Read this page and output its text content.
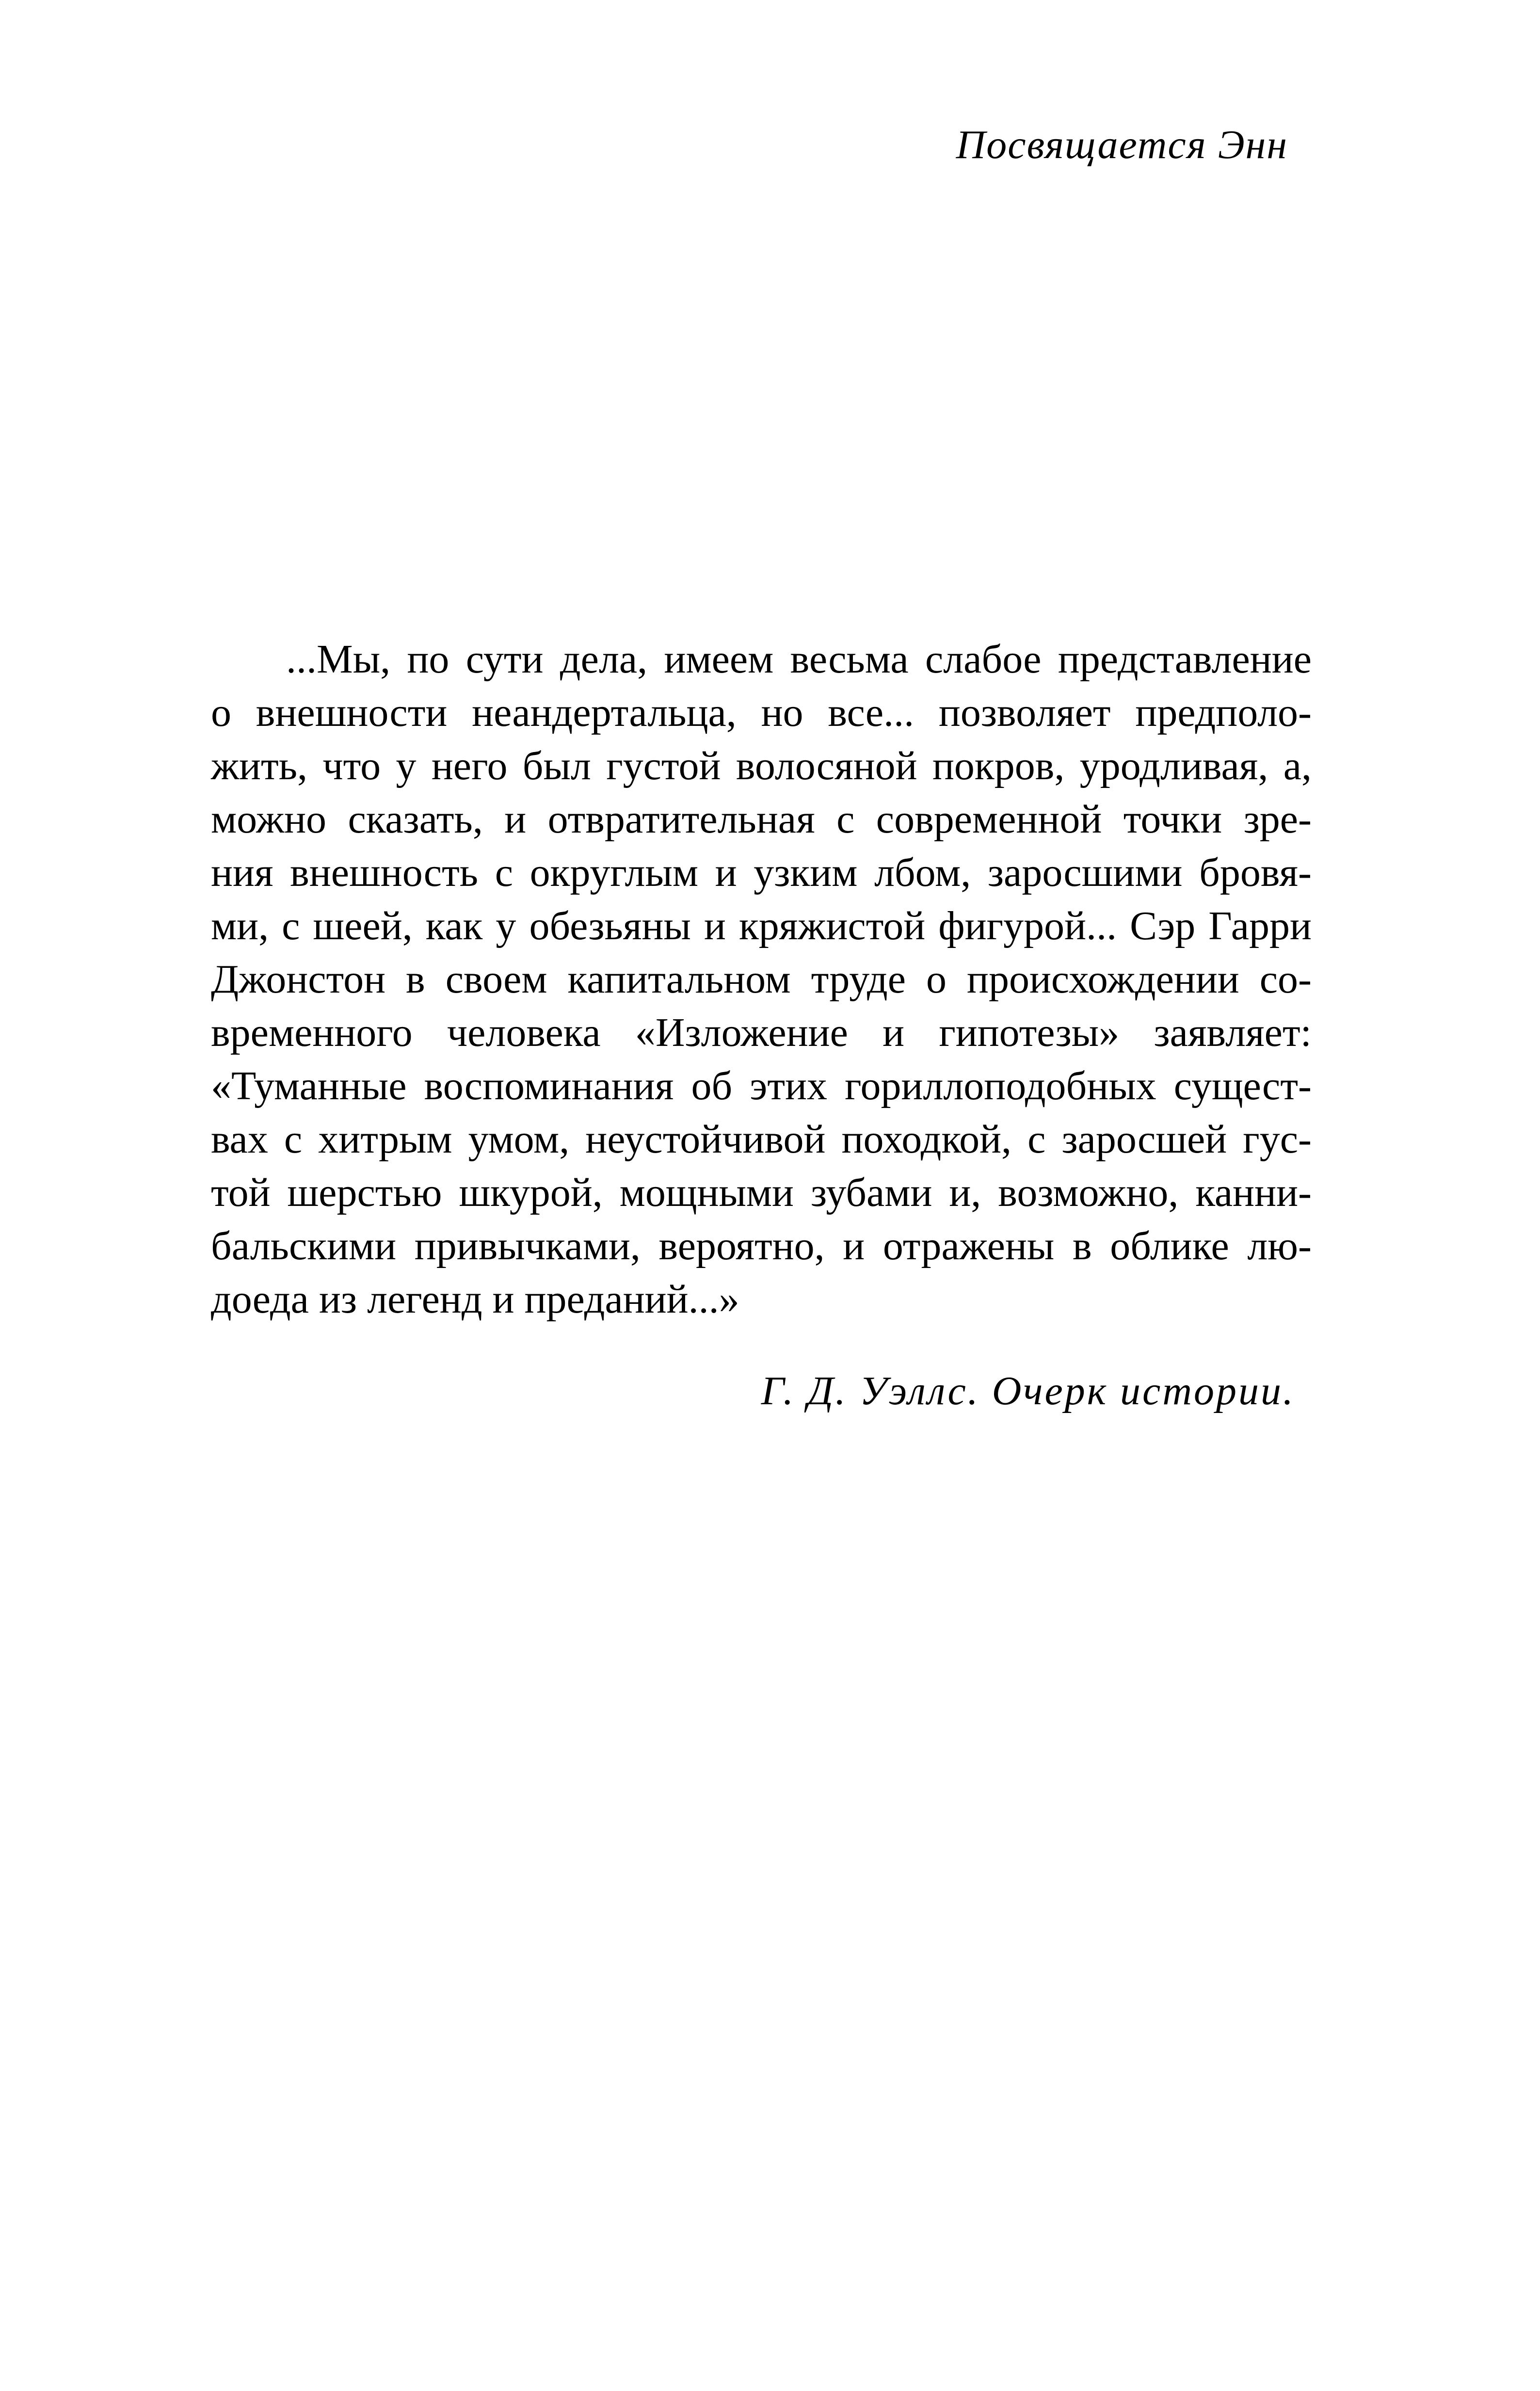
Посвящается Энн
...Мы, по сути дела, имеем весьма слабое представление
о внешности неандертальца, но все... позволяет предполо-
жить, что у него был густой волосяной покров, уродливая, а,
можно сказать, и отвратительная с современной точки зре-
ния внешность с округлым и узким лбом, заросшими бровя-
ми, с шеей, как у обезьяны и кряжистой фигурой... Сэр Гарри
Джонстон в своем капитальном труде о происхождении со-
временного человека «Изложение и гипотезы» заявляет:
«Туманные воспоминания об этих гориллоподобных сущест-
вах с хитрым умом, неустойчивой походкой, с заросшей гус-
той шерстью шкурой, мощными зубами и, возможно, канни-
бальскими привычками, вероятно, и отражены в облике лю-
доеда из легенд и преданий...»
Г. Д. Уэллс. Очерк истории.
